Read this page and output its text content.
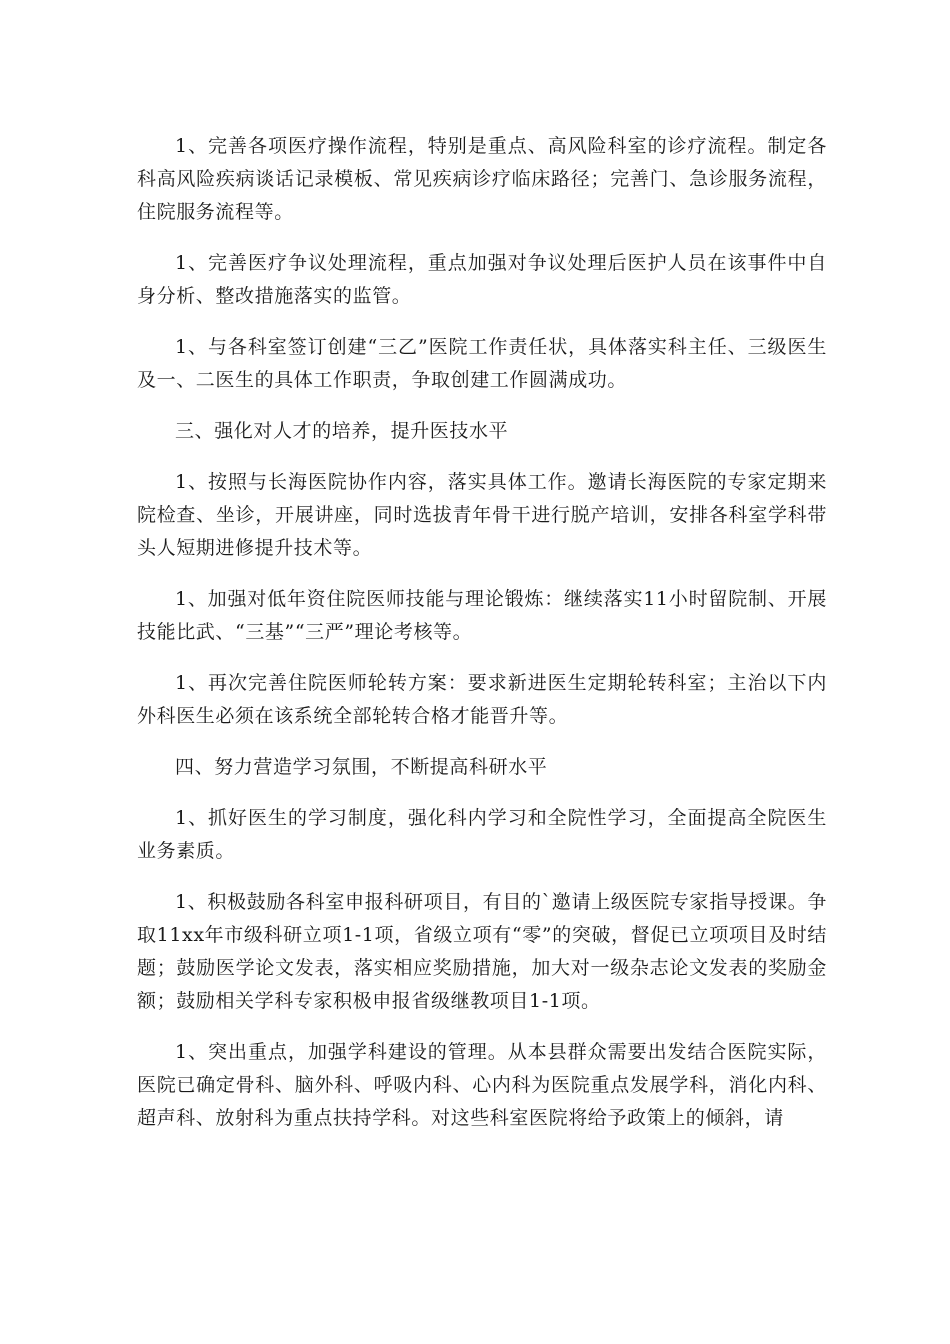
1、完善各项医疗操作流程，特别是重点、高风险科室的诊疗流程。制定各科高风险疾病谈话记录模板、常见疾病诊疗临床路径；完善门、急诊服务流程，住院服务流程等。

1、完善医疗争议处理流程，重点加强对争议处理后医护人员在该事件中自身分析、整改措施落实的监管。

1、与各科室签订创建“三乙”医院工作责任状，具体落实科主任、三级医生及一、二医生的具体工作职责，争取创建工作圆满成功。

三、强化对人才的培养，提升医技水平

1、按照与长海医院协作内容，落实具体工作。邀请长海医院的专家定期来院检查、坐诊，开展讲座，同时选拔青年骨干进行脱产培训，安排各科室学科带头人短期进修提升技术等。

1、加强对低年资住院医师技能与理论锻炼：继续落实11小时留院制、开展技能比武、“三基”“三严”理论考核等。

1、再次完善住院医师轮转方案：要求新进医生定期轮转科室；主治以下内外科医生必须在该系统全部轮转合格才能晋升等。

四、努力营造学习氛围，不断提高科研水平

1、抓好医生的学习制度，强化科内学习和全院性学习，全面提高全院医生业务素质。

1、积极鼓励各科室申报科研项目，有目的`邀请上级医院专家指导授课。争取11xx年市级科研立项1-1项，省级立项有“零”的突破，督促已立项项目及时结题；鼓励医学论文发表，落实相应奖励措施，加大对一级杂志论文发表的奖励金额；鼓励相关学科专家积极申报省级继教项目1-1项。

1、突出重点，加强学科建设的管理。从本县群众需要出发结合医院实际，医院已确定骨科、脑外科、呼吸内科、心内科为医院重点发展学科，消化内科、超声科、放射科为重点扶持学科。对这些科室医院将给予政策上的倾斜，请
